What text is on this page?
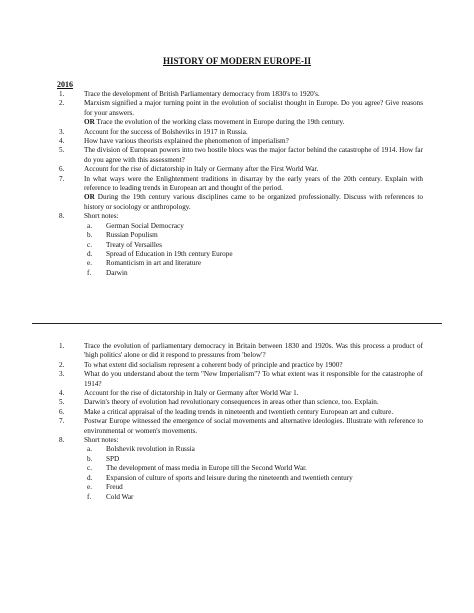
HISTORY OF MODERN EUROPE-II
2016
1.	Trace the development of British Parliamentary democracy from 1830's to 1920's.
2.	Marxism signified a major turning point in the evolution of socialist thought in Europe. Do you agree? Give reasons for your answers.
OR Trace the evolution of the working class movement in Europe during the 19th century.
3.	Account for the success of Bolsheviks in 1917 in Russia.
4.	How have various theorists explained the phenomenon of imperialism?
5.	The division of European powers into two hostile blocs was the major factor behind the catastrophe of 1914. How far do you agree with this assessment?
6.	Account for the rise of dictatorship in Italy or Germany after the First World War.
7.	In what ways were the Enlightenment traditions in disarray by the early years of the 20th century. Explain with reference to leading trends in European art and thought of the period.
OR During the 19th century various disciplines came to be organized professionally. Discuss with references to history or sociology or anthropology.
8.	Short notes:
a. German Social Democracy
b. Russian Populism
c. Treaty of Versailles
d. Spread of Education in 19th century Europe
e. Romanticism in art and literature
f. Darwin
1.	Trace the evolution of parliamentary democracy in Britain between 1830 and 1920s. Was this process a product of 'high politics' alone or did it respond to pressures from 'below'?
2.	To what extent did socialism represent a coherent body of principle and practice by 1900?
3.	What do you understand about the term "New Imperialism"? To what extent was it responsible for the catastrophe of 1914?
4.	Account for the rise of dictatorship in Italy or Germany after World War 1.
5.	Darwin's theory of evolution had revolutionary consequences in areas other than science, too. Explain.
6.	Make a critical appraisal of the leading trends in nineteenth and twentieth century European art and culture.
7.	Postwar Europe witnessed the emergence of social movements and alternative ideologies. Illustrate with reference to environmental or women's movements.
8.	Short notes:
a. Bolshevik revolution in Russia
b. SPD
c. The development of mass media in Europe till the Second World War.
d. Expansion of culture of sports and leisure during the nineteenth and twentieth century
e. Freud
f. Cold War
